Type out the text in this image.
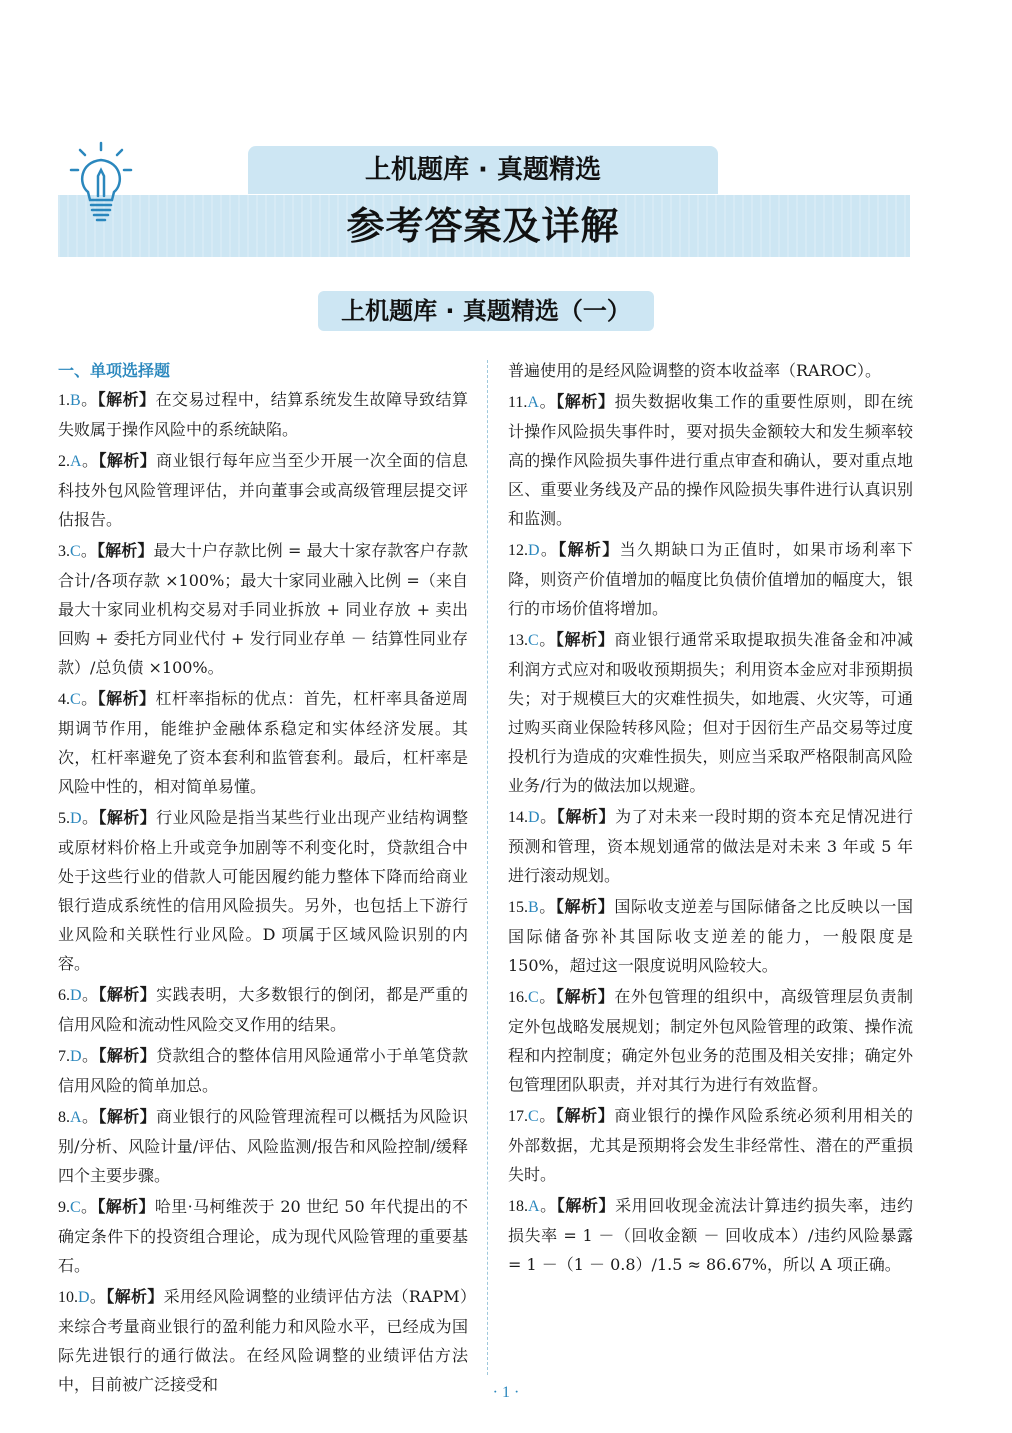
上机题库 · 真题精选
参考答案及详解
上机题库 · 真题精选（一）
一、单项选择题
1.B。【解析】在交易过程中，结算系统发生故障导致结算失败属于操作风险中的系统缺陷。
2.A。【解析】商业银行每年应当至少开展一次全面的信息科技外包风险管理评估，并向董事会或高级管理层提交评估报告。
3.C。【解析】最大十户存款比例 = 最大十家存款客户存款合计/各项存款 ×100%；最大十家同业融入比例 =（来自最大十家同业机构交易对手同业拆放 + 同业存放 + 卖出回购 + 委托方同业代付 + 发行同业存单 － 结算性同业存款）/总负债 ×100%。
4.C。【解析】杠杆率指标的优点：首先，杠杆率具备逆周期调节作用，能维护金融体系稳定和实体经济发展。其次，杠杆率避免了资本套利和监管套利。最后，杠杆率是风险中性的，相对简单易懂。
5.D。【解析】行业风险是指当某些行业出现产业结构调整或原材料价格上升或竞争加剧等不利变化时，贷款组合中处于这些行业的借款人可能因履约能力整体下降而给商业银行造成系统性的信用风险损失。另外，也包括上下游行业风险和关联性行业风险。D 项属于区域风险识别的内容。
6.D。【解析】实践表明，大多数银行的倒闭，都是严重的信用风险和流动性风险交叉作用的结果。
7.D。【解析】贷款组合的整体信用风险通常小于单笔贷款信用风险的简单加总。
8.A。【解析】商业银行的风险管理流程可以概括为风险识别/分析、风险计量/评估、风险监测/报告和风险控制/缓释四个主要步骤。
9.C。【解析】哈里·马柯维茨于 20 世纪 50 年代提出的不确定条件下的投资组合理论，成为现代风险管理的重要基石。
10.D。【解析】采用经风险调整的业绩评估方法（RAPM）来综合考量商业银行的盈利能力和风险水平，已经成为国际先进银行的通行做法。在经风险调整的业绩评估方法中，目前被广泛接受和
普遍使用的是经风险调整的资本收益率（RAROC）。
11.A。【解析】损失数据收集工作的重要性原则，即在统计操作风险损失事件时，要对损失金额较大和发生频率较高的操作风险损失事件进行重点审查和确认，要对重点地区、重要业务线及产品的操作风险损失事件进行认真识别和监测。
12.D。【解析】当久期缺口为正值时，如果市场利率下降，则资产价值增加的幅度比负债价值增加的幅度大，银行的市场价值将增加。
13.C。【解析】商业银行通常采取提取损失准备金和冲减利润方式应对和吸收预期损失；利用资本金应对非预期损失；对于规模巨大的灾难性损失，如地震、火灾等，可通过购买商业保险转移风险；但对于因衍生产品交易等过度投机行为造成的灾难性损失，则应当采取严格限制高风险业务/行为的做法加以规避。
14.D。【解析】为了对未来一段时期的资本充足情况进行预测和管理，资本规划通常的做法是对未来 3 年或 5 年进行滚动规划。
15.B。【解析】国际收支逆差与国际储备之比反映以一国国际储备弥补其国际收支逆差的能力，一般限度是 150%，超过这一限度说明风险较大。
16.C。【解析】在外包管理的组织中，高级管理层负责制定外包战略发展规划；制定外包风险管理的政策、操作流程和内控制度；确定外包业务的范围及相关安排；确定外包管理团队职责，并对其行为进行有效监督。
17.C。【解析】商业银行的操作风险系统必须利用相关的外部数据，尤其是预期将会发生非经常性、潜在的严重损失时。
18.A。【解析】采用回收现金流法计算违约损失率，违约损失率 = 1 －（回收金额 － 回收成本）/违约风险暴露 = 1 －（1 － 0.8）/1.5 ≈ 86.67%，所以 A 项正确。
· 1 ·
